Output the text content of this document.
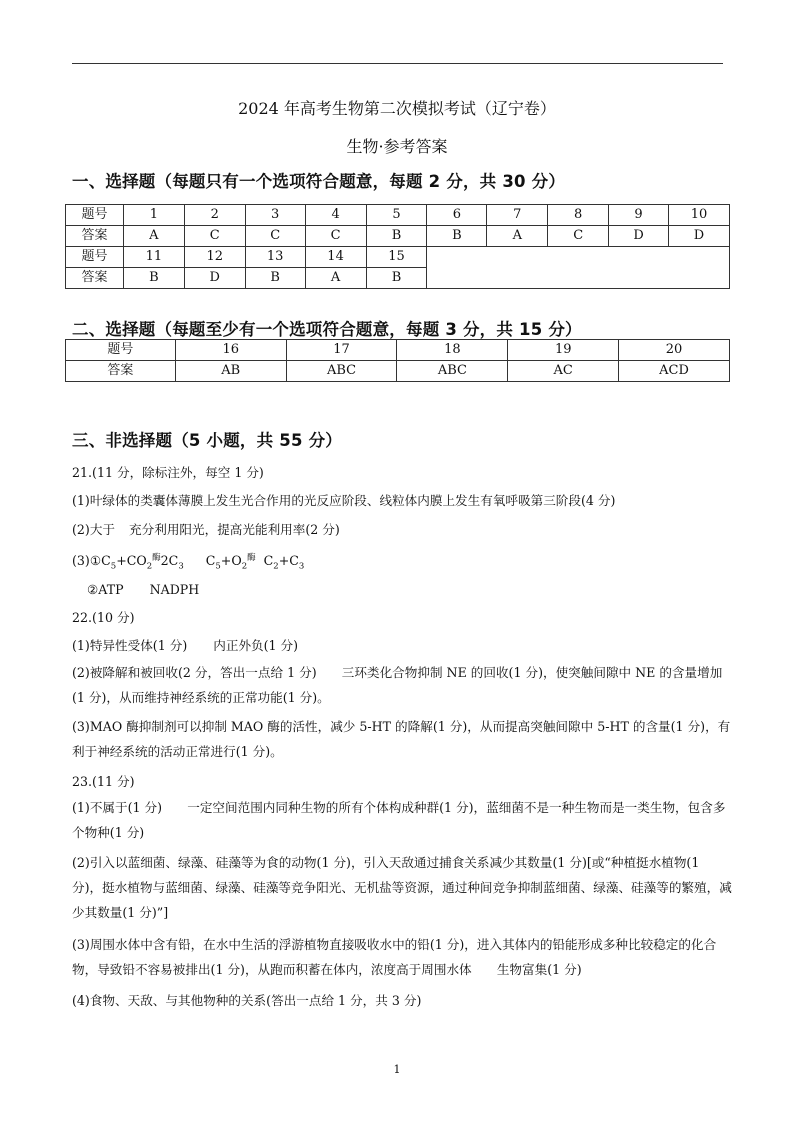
2024 年高考生物第二次模拟考试（辽宁卷）
生物·参考答案
一、选择题（每题只有一个选项符合题意，每题 2 分，共 30 分）
题号	1	2	3	4	5	6	7	8	9	10
答案	A	C	C	C	B	B	A	C	D	D
题号	11	12	13	14	15					
答案	B	D	B	A	B					
二、选择题（每题至少有一个选项符合题意，每题 3 分，共 15 分）
题号	16	17	18	19	20
答案	AB	ABC	ABC	AC	ACD
三、非选择题（5 小题，共 55 分）
21.(11 分，除标注外，每空 1 分)
(1)叶绿体的类囊体薄膜上发生光合作用的光反应阶段、线粒体内膜上发生有氧呼吸第三阶段(4 分)
(2)大于 充分利用阳光，提高光能利用率(2 分)
$(3)①C_5+CO_2^酶2C_3$ $C_5+O_2^酶$ $C_2+C_3$
②ATP NADPH
22.(10 分)
(1)特异性受体(1 分) 内正外负(1 分)
(2)被降解和被回收(2 分，答出一点给 1 分)　　三环类化合物抑制 NE 的回收(1 分)，使突触间隙中 NE 的含量增加(1 分)，从而维持神经系统的正常功能(1 分)。
(3)MAO 酶抑制剂可以抑制 MAO 酶的活性，减少 5-HT 的降解(1 分)，从而提高突触间隙中 5-HT 的含量(1 分)，有利于神经系统的活动正常进行(1 分)。
23.(11 分)
(1)不属于(1 分)　　一定空间范围内同种生物的所有个体构成种群(1 分)，蓝细菌不是一种生物而是一类生物，包含多个物种(1 分)
(2)引入以蓝细菌、绿藻、硅藻等为食的动物(1 分)，引入天敌通过捕食关系减少其数量(1 分)[或“种植挺水植物(1 分)，挺水植物与蓝细菌、绿藻、硅藻等竞争阳光、无机盐等资源，通过种间竞争抑制蓝细菌、绿藻、硅藻等的繁殖，减少其数量(1 分)”]
(3)周围水体中含有铅，在水中生活的浮游植物直接吸收水中的铅(1 分)，进入其体内的铅能形成多种比较稳定的化合物，导致铅不容易被排出(1 分)，从跑而积蓄在体内，浓度高于周围水体　　生物富集(1 分)
(4)食物、天敌、与其他物种的关系(答出一点给 1 分，共 3 分)
1
